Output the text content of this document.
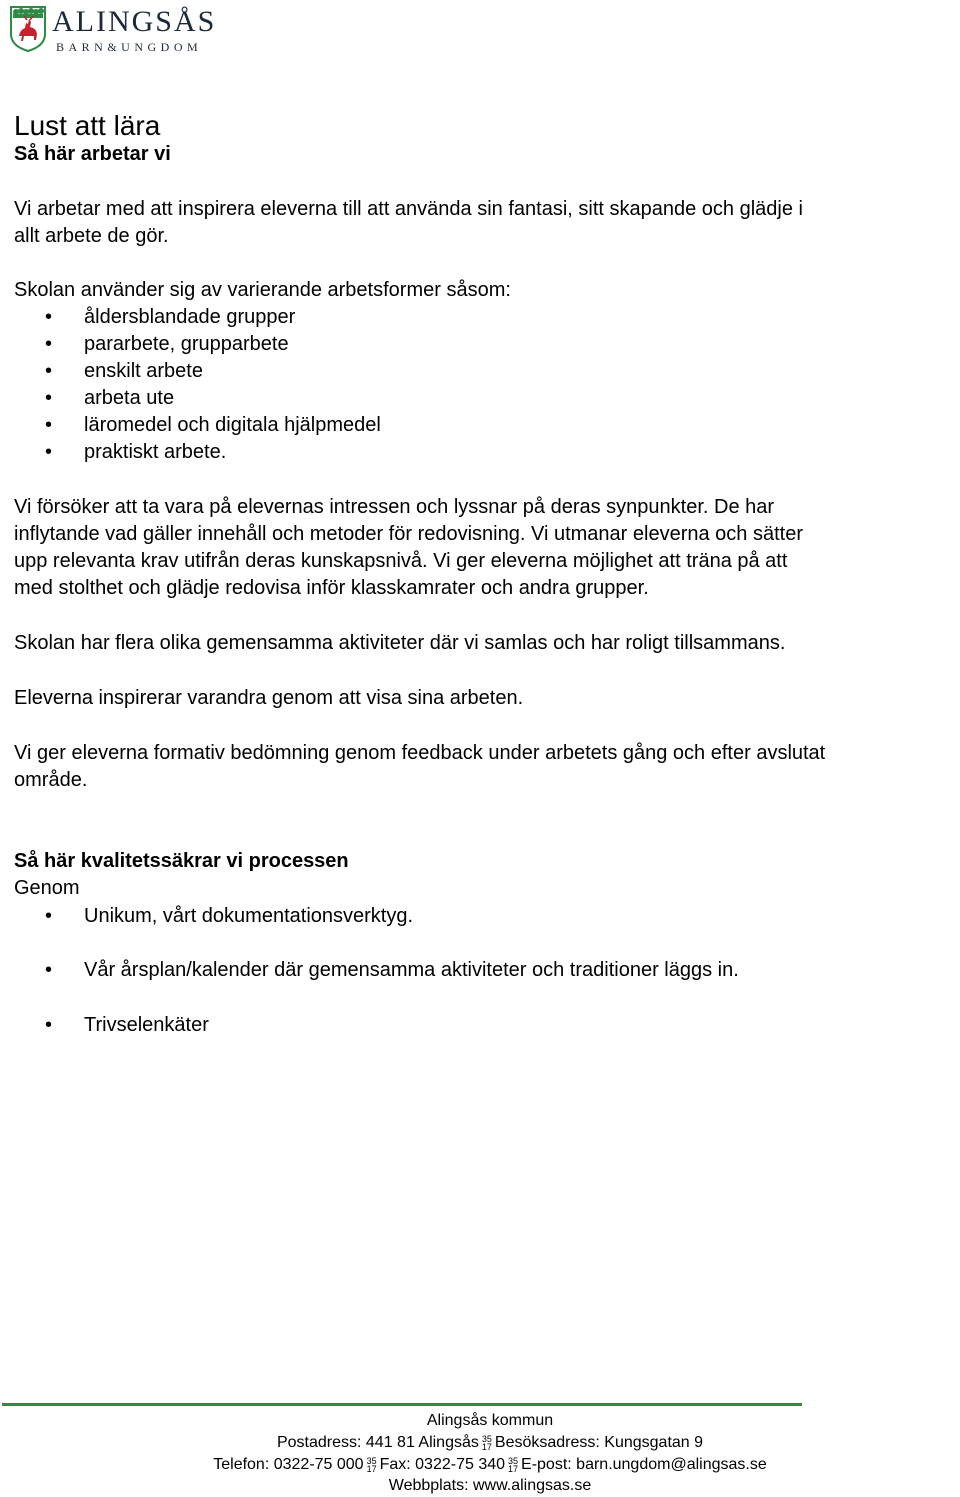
ALINGSÅS
BARN&UNGDOM
Lust att lära
Så här arbetar vi
Vi arbetar med att inspirera eleverna till att använda sin fantasi, sitt skapande och glädje i
allt arbete de gör.
Skolan använder sig av varierande arbetsformer såsom:
• åldersblandade grupper
• pararbete, grupparbete
• enskilt arbete
• arbeta ute
• läromedel och digitala hjälpmedel
• praktiskt arbete.
Vi försöker att ta vara på elevernas intressen och lyssnar på deras synpunkter. De har
inflytande vad gäller innehåll och metoder för redovisning. Vi utmanar eleverna och sätter
upp relevanta krav utifrån deras kunskapsnivå. Vi ger eleverna möjlighet att träna på att
med stolthet och glädje redovisa inför klasskamrater och andra grupper.
Skolan har flera olika gemensamma aktiviteter där vi samlas och har roligt tillsammans.
Eleverna inspirerar varandra genom att visa sina arbeten.
Vi ger eleverna formativ bedömning genom feedback under arbetets gång och efter avslutat
område.
Så här kvalitetssäkrar vi processen
Genom
• Unikum, vårt dokumentationsverktyg.
• Vår årsplan/kalender där gemensamma aktiviteter och traditioner läggs in.
• Trivselenkäter
Alingsås kommun
Postadress: 441 81 Alingsås 35
17 Besöksadress: Kungsgatan 9
Telefon: 0322-75 000 35
17 Fax: 0322-75 340 35
17 E-post: barn.ungdom@alingsas.se
Webbplats: www.alingsas.se
